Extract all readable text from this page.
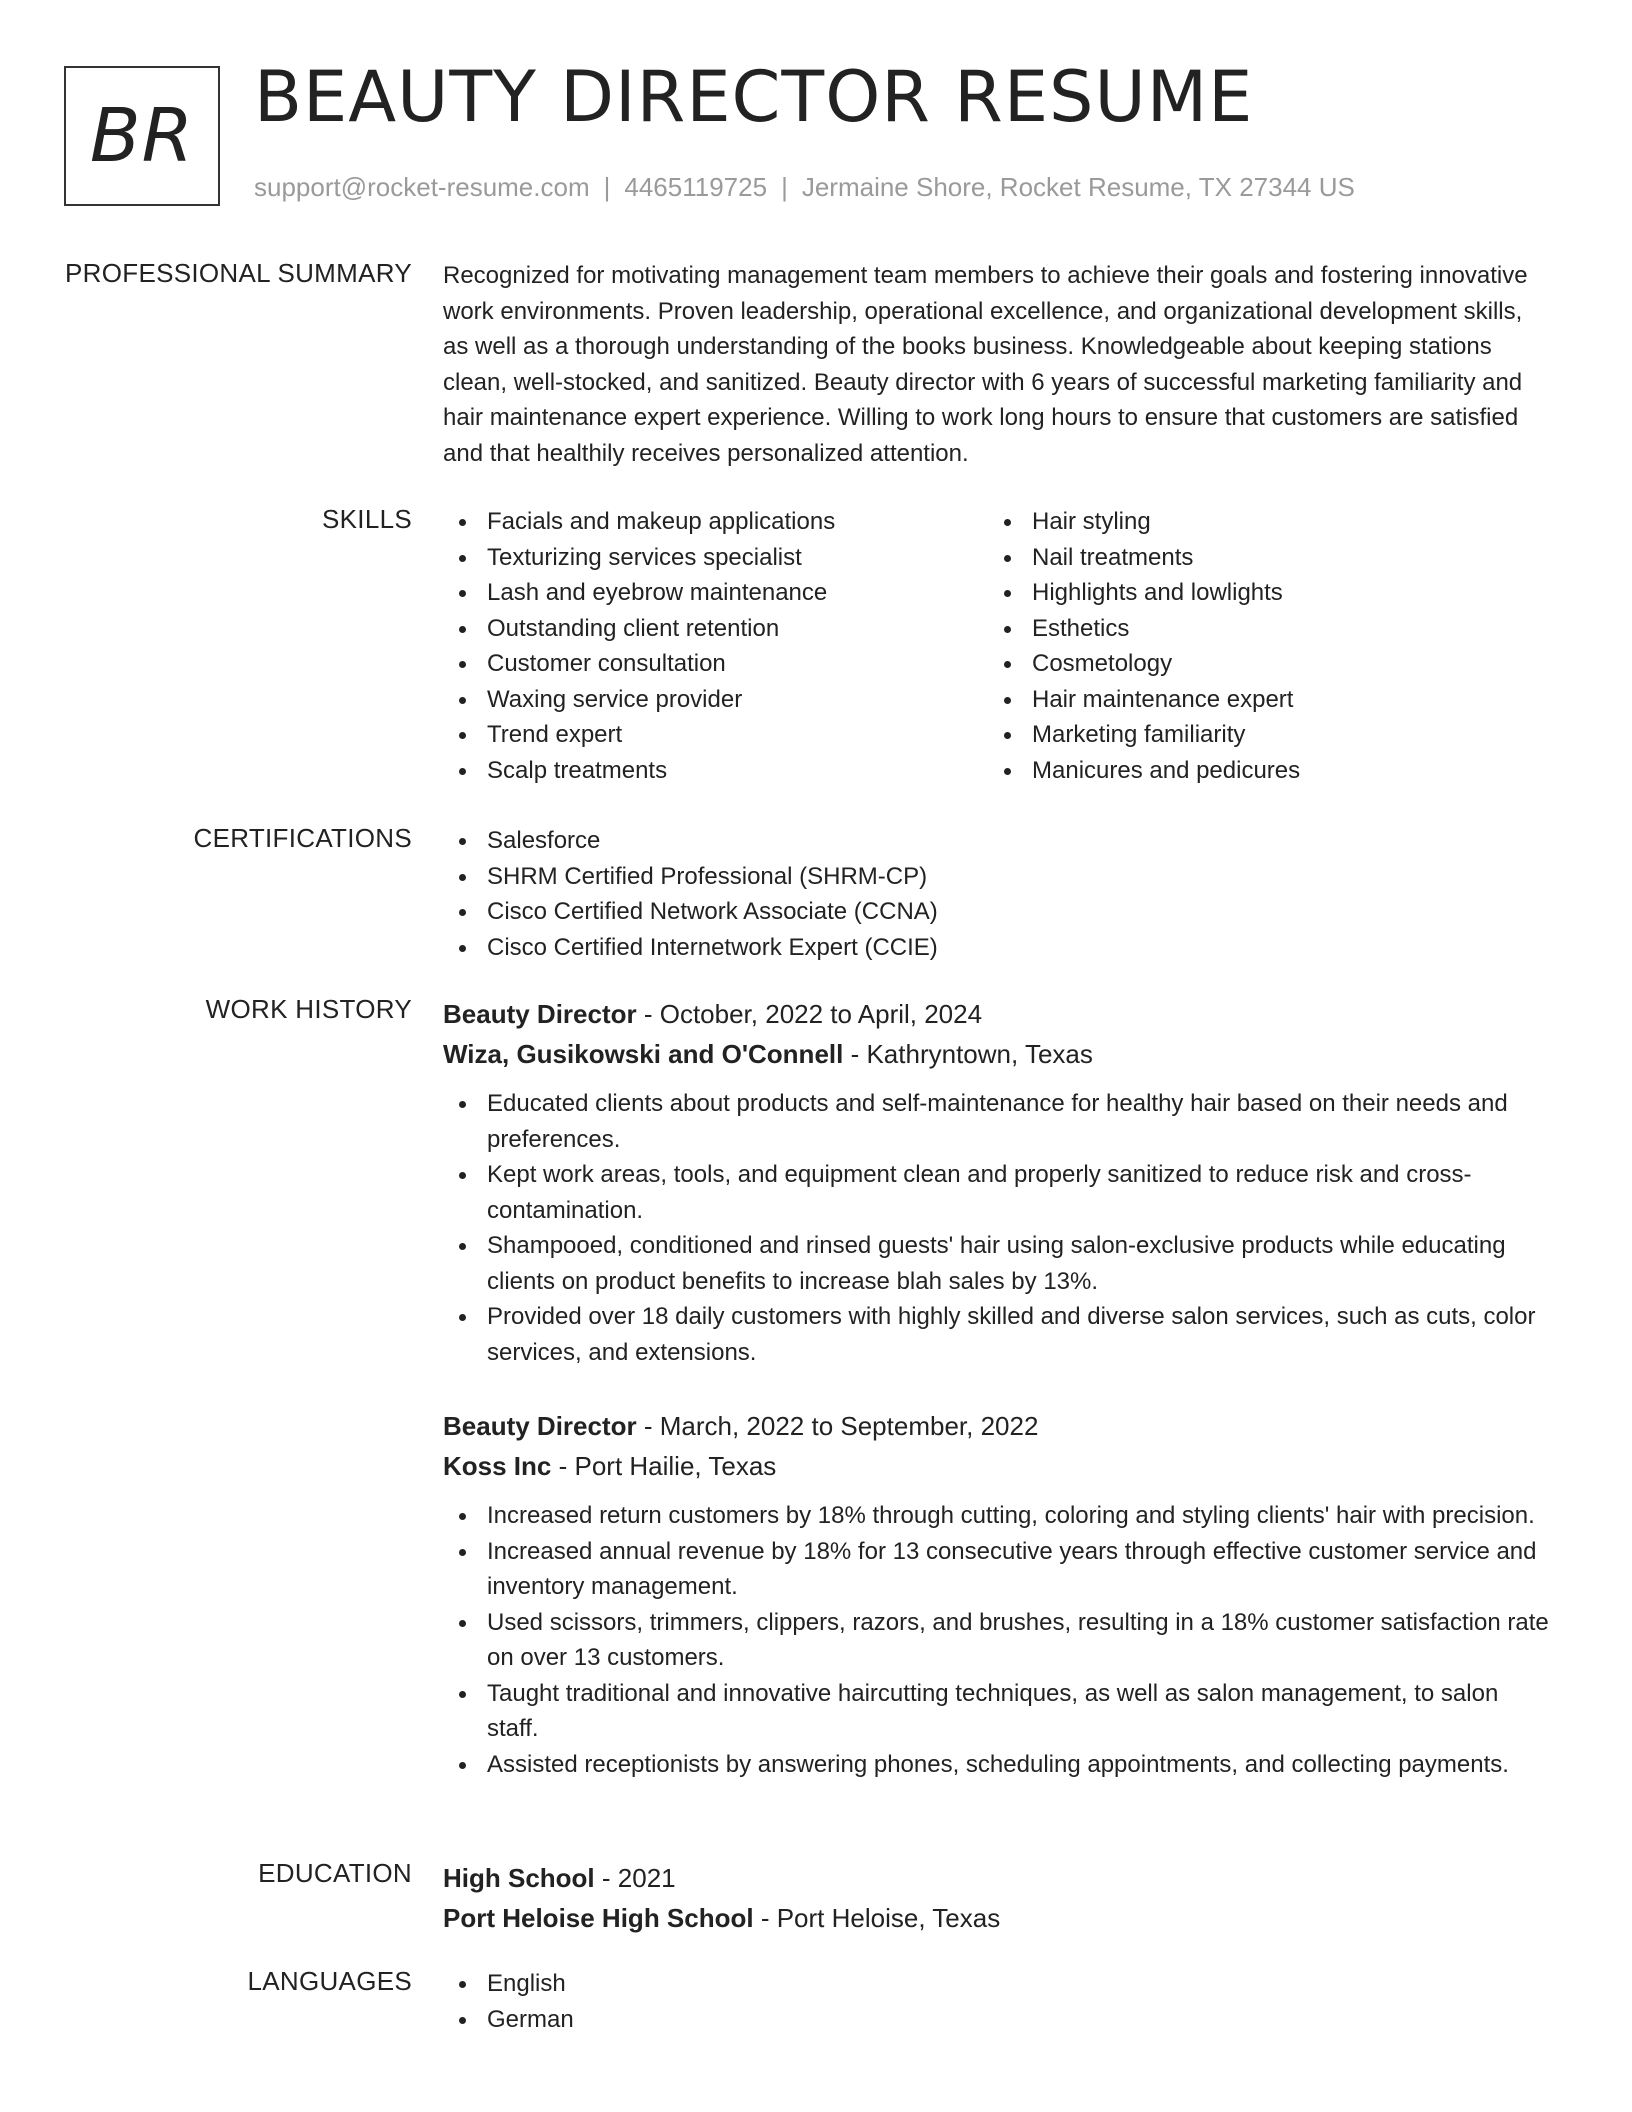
BR BEAUTY DIRECTOR RESUME
support@rocket-resume.com | 4465119725 | Jermaine Shore, Rocket Resume, TX 27344 US
PROFESSIONAL SUMMARY Recognized for motivating management team members to achieve their goals and fostering innovative work environments. Proven leadership, operational excellence, and organizational development skills, as well as a thorough understanding of the books business. Knowledgeable about keeping stations clean, well-stocked, and sanitized. Beauty director with 6 years of successful marketing familiarity and hair maintenance expert experience. Willing to work long hours to ensure that customers are satisfied and that healthily receives personalized attention.

SKILLS	Facials and makeup applications
Texturizing services specialist
Lash and eyebrow maintenance
Outstanding client retention
Customer consultation
Waxing service provider
Trend expert
Scalp treatments
Hair styling
Nail treatments
Highlights and lowlights
Esthetics
Cosmetology
Hair maintenance expert
Marketing familiarity
Manicures and pedicures
CERTIFICATIONS	Salesforce
SHRM Certified Professional (SHRM-CP)
Cisco Certified Network Associate (CCNA)
Cisco Certified Internetwork Expert (CCIE)
WORK HISTORY Beauty Director - October, 2022 to April, 2024
Wiza, Gusikowski and O'Connell - Kathryntown, Texas
Educated clients about products and self-maintenance for healthy hair based on their needs and preferences.
Kept work areas, tools, and equipment clean and properly sanitized to reduce risk and cross-contamination.
Shampooed, conditioned and rinsed guests' hair using salon-exclusive products while educating clients on product benefits to increase blah sales by 13%.
Provided over 18 daily customers with highly skilled and diverse salon services, such as cuts, color services, and extensions.
Beauty Director - March, 2022 to September, 2022
Koss Inc - Port Hailie, Texas
Increased return customers by 18% through cutting, coloring and styling clients' hair with precision.
Increased annual revenue by 18% for 13 consecutive years through effective customer service and inventory management.
Used scissors, trimmers, clippers, razors, and brushes, resulting in a 18% customer satisfaction rate on over 13 customers.
Taught traditional and innovative haircutting techniques, as well as salon management, to salon staff.
Assisted receptionists by answering phones, scheduling appointments, and collecting payments.
EDUCATION High School - 2021
Port Heloise High School - Port Heloise, Texas
LANGUAGES	English
German
